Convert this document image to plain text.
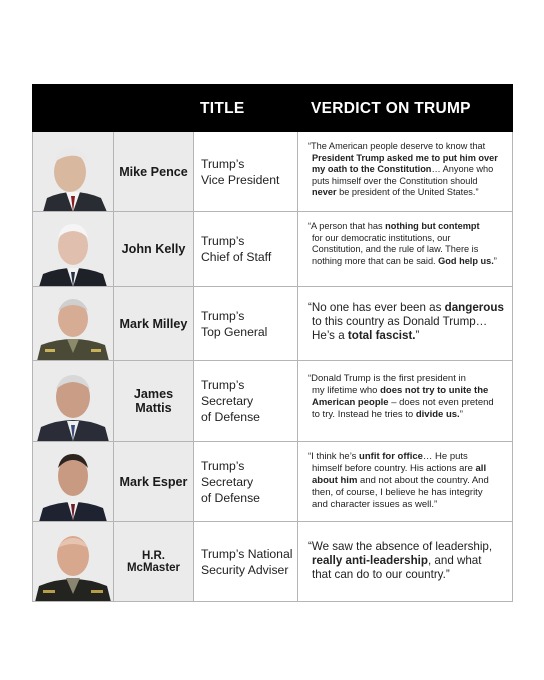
TITLE	VERDICT ON TRUMP
Mike Pence
Trump’s
Vice President

“The American people deserve to know that

President Trump asked me to put him over

my oath to the Constitution… Anyone who

puts himself over the Constitution should

never be president of the United States.”

John Kelly
Trump’s
Chief of Staff

“A person that has nothing but contempt

for our democratic institutions, our

Constitution, and the rule of law. There is

nothing more that can be said. God help us.”

Mark Milley
Trump’s
Top General

“No one has ever been as dangerous

to this country as Donald Trump…

He’s a total fascist.”

James Mattis
Trump’s Secretary
of Defense

“Donald Trump is the first president in

my lifetime who does not try to unite the

American people – does not even pretend

to try. Instead he tries to divide us.”

Mark Esper
Trump’s Secretary
of Defense

“I think he’s unfit for office… He puts

himself before country. His actions are all

about him and not about the country. And

then, of course, I believe he has integrity

and character issues as well.”

H.R. McMaster
Trump’s National
Security Adviser

“We saw the absence of leadership,

really anti-leadership, and what

that can do to our country.”
